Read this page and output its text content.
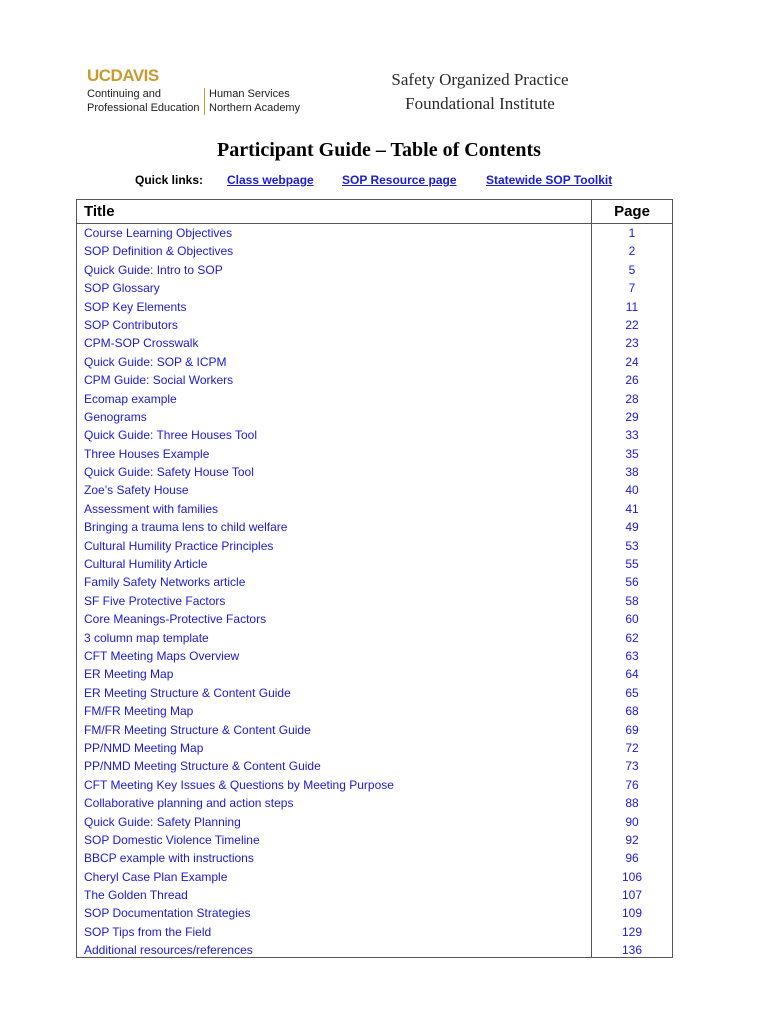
UCDAVIS
Continuing and
Professional Education
Human Services
Northern Academy
Safety Organized Practice
Foundational Institute
Participant Guide – Table of Contents
Quick links: Class webpage SOP Resource page Statewide SOP Toolkit
Title	Page
Course Learning Objectives	1
SOP Definition & Objectives	2
Quick Guide: Intro to SOP	5
SOP Glossary	7
SOP Key Elements	11
SOP Contributors	22
CPM-SOP Crosswalk	23
Quick Guide: SOP & ICPM	24
CPM Guide: Social Workers	26
Ecomap example	28
Genograms	29
Quick Guide: Three Houses Tool	33
Three Houses Example	35
Quick Guide: Safety House Tool	38
Zoe’s Safety House	40
Assessment with families	41
Bringing a trauma lens to child welfare	49
Cultural Humility Practice Principles	53
Cultural Humility Article	55
Family Safety Networks article	56
SF Five Protective Factors	58
Core Meanings-Protective Factors	60
3 column map template	62
CFT Meeting Maps Overview	63
ER Meeting Map	64
ER Meeting Structure & Content Guide	65
FM/FR Meeting Map	68
FM/FR Meeting Structure & Content Guide	69
PP/NMD Meeting Map	72
PP/NMD Meeting Structure & Content Guide	73
CFT Meeting Key Issues & Questions by Meeting Purpose	76
Collaborative planning and action steps	88
Quick Guide: Safety Planning	90
SOP Domestic Violence Timeline	92
BBCP example with instructions	96
Cheryl Case Plan Example	106
The Golden Thread	107
SOP Documentation Strategies	109
SOP Tips from the Field	129
Additional resources/references	136
